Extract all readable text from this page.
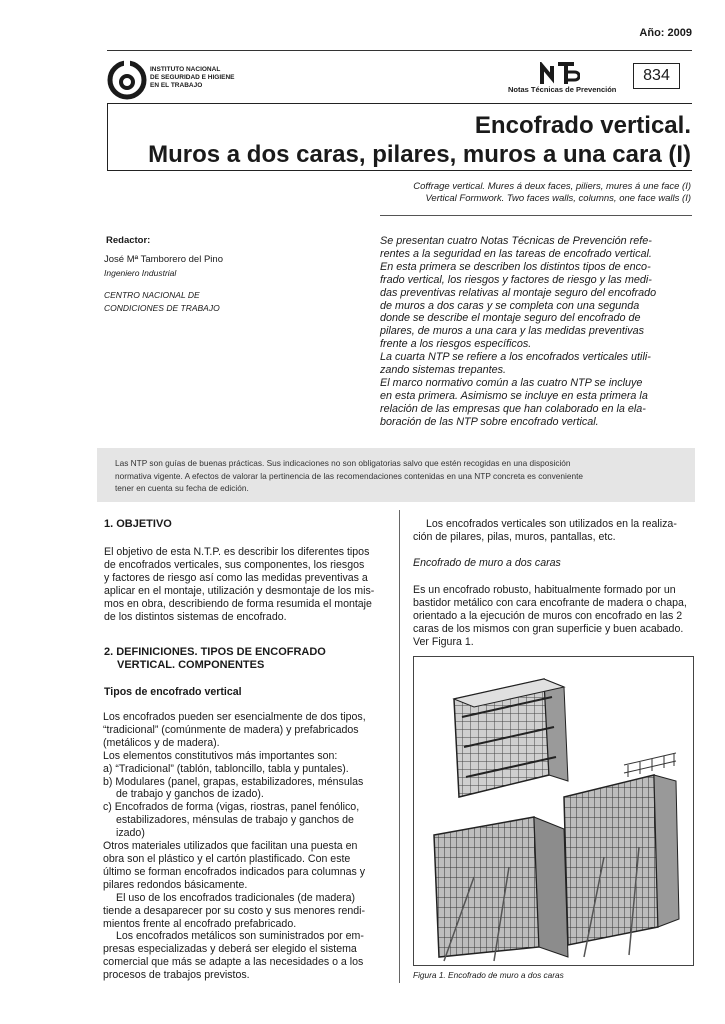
Año: 2009
INSTITUTO NACIONAL
DE SEGURIDAD E HIGIENE
EN EL TRABAJO	Notas Técnicas de Prevención
834
Encofrado vertical.
Muros a dos caras, pilares, muros a una cara (I)
Coffrage vertical. Mures á deux faces, piliers, mures á une face (I)
Vertical Formwork. Two faces walls, columns, one face walls (I)
Redactor:
José Mª Tamborero del Pino
Ingeniero Industrial
CENTRO NACIONAL DE
CONDICIONES DE TRABAJO
Se presentan cuatro Notas Técnicas de Prevención refe-
rentes a la seguridad en las tareas de encofrado vertical.
En esta primera se describen los distintos tipos de enco-
frado vertical, los riesgos y factores de riesgo y las medi-
das preventivas relativas al montaje seguro del encofrado
de muros a dos caras y se completa con una segunda
donde se describe el montaje seguro del encofrado de
pilares, de muros a una cara y las medidas preventivas
frente a los riesgos específicos.
La cuarta NTP se refiere a los encofrados verticales utili-
zando sistemas trepantes.
El marco normativo común a las cuatro NTP se incluye
en esta primera. Asimismo se incluye en esta primera la
relación de las empresas que han colaborado en la ela-
boración de las NTP sobre encofrado vertical.
Las NTP son guías de buenas prácticas. Sus indicaciones no son obligatorias salvo que estén recogidas en una disposición
normativa vigente. A efectos de valorar la pertinencia de las recomendaciones contenidas en una NTP concreta es conveniente
tener en cuenta su fecha de edición.
1. OBJETIVO
El objetivo de esta N.T.P. es describir los diferentes tipos
de encofrados verticales, sus componentes, los riesgos
y factores de riesgo así como las medidas preventivas a
aplicar en el montaje, utilización y desmontaje de los mis-
mos en obra, describiendo de forma resumida el montaje
de los distintos sistemas de encofrado.
2. DEFINICIONES. TIPOS DE ENCOFRADO
VERTICAL. COMPONENTES
Tipos de encofrado vertical
Los encofrados pueden ser esencialmente de dos tipos,
“tradicional” (comúnmente de madera) y prefabricados
(metálicos y de madera).
Los elementos constitutivos más importantes son:
a) “Tradicional” (tablón, tabloncillo, tabla y puntales).
b) Modulares (panel, grapas, estabilizadores, ménsulas
de trabajo y ganchos de izado).
c) Encofrados de forma (vigas, riostras, panel fenólico,
estabilizadores, ménsulas de trabajo y ganchos de
izado)
Otros materiales utilizados que facilitan una puesta en
obra son el plástico y el cartón plastificado. Con este
último se forman encofrados indicados para columnas y
pilares redondos básicamente.
El uso de los encofrados tradicionales (de madera)
tiende a desaparecer por su costo y sus menores rendi-
mientos frente al encofrado prefabricado.
Los encofrados metálicos son suministrados por em-
presas especializadas y deberá ser elegido el sistema
comercial que más se adapte a las necesidades o a los
procesos de trabajos previstos.
Los encofrados verticales son utilizados en la realiza-
ción de pilares, pilas, muros, pantallas, etc.
Encofrado de muro a dos caras
Es un encofrado robusto, habitualmente formado por un
bastidor metálico con cara encofrante de madera o chapa,
orientado a la ejecución de muros con encofrado en las 2
caras de los mismos con gran superficie y buen acabado.
Ver Figura 1.
Figura 1. Encofrado de muro a dos caras
